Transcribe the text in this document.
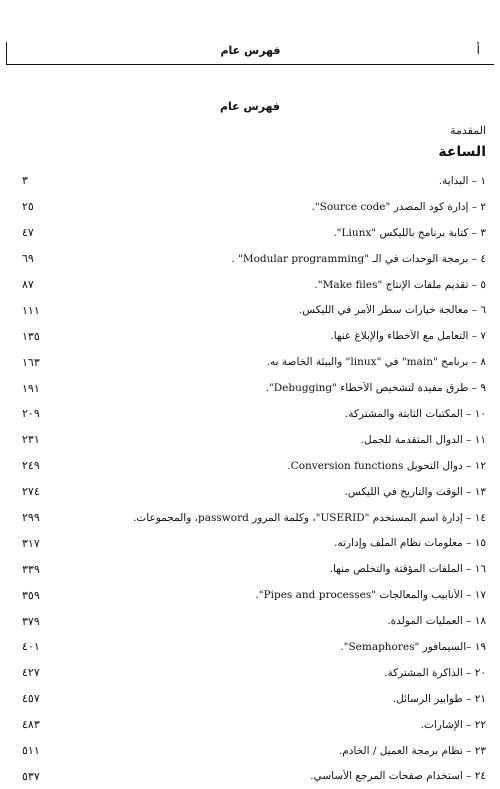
فهرس عام	أ
فهرس عام
المقدمة
الساعة
١ – البداية.
٣
٢ – إدارة كود المصدر "Source code".
٢٥
٣ – كتابة برنامج بالليكس "Liunx".
٤٧
٤ – برمجة الوحدات في الـ "Modular programming" .
٦٩
٥ – تقديم ملفات الإنتاج "Make files".
٨٧
٦ – معالجة خيارات سطر الأمر في الليكس.
١١١
٧ – التعامل مع الأخطاء والإبلاغ عنها.
١٣٥
٨ – برنامج "main" في "linux" والبيئة الخاصة به.
١٦٣
٩ – طرق مفيدة لتشخيص الأخطاء "Debugging".
١٩١
١٠ – المكتبات الثابتة والمشتركة.
٢٠٩
١١ – الدوال المتقدمة للجمل.
٢٣١
١٢ – دوال التحويل Conversion functions.
٢٤٩
١٣ – الوقت والتاريخ في الليكس.
٢٧٤
١٤ – إدارة اسم المستخدم "USERID"، وكلمة المرور password، والمجموعات.
٢٩٩
١٥ – معلومات نظام الملف وإدارته.
٣١٧
١٦ – الملفات المؤقتة والتخلص منها.
٣٣٩
١٧ – الأنابيب والمعالجات "Pipes and processes".
٣٥٩
١٨ – العمليات المولدة.
٣٧٩
١٩ –السيمافور "Semaphores".
٤٠١
٢٠ – الذاكرة المشتركة.
٤٢٧
٢١ – طوابير الرسائل.
٤٥٧
٢٢ – الإشارات.
٤٨٣
٢٣ – نظام برمجة العميل / الخادم.
٥١١
٢٤ – استخدام صفحات المرجع الأساسي.
٥٣٧
